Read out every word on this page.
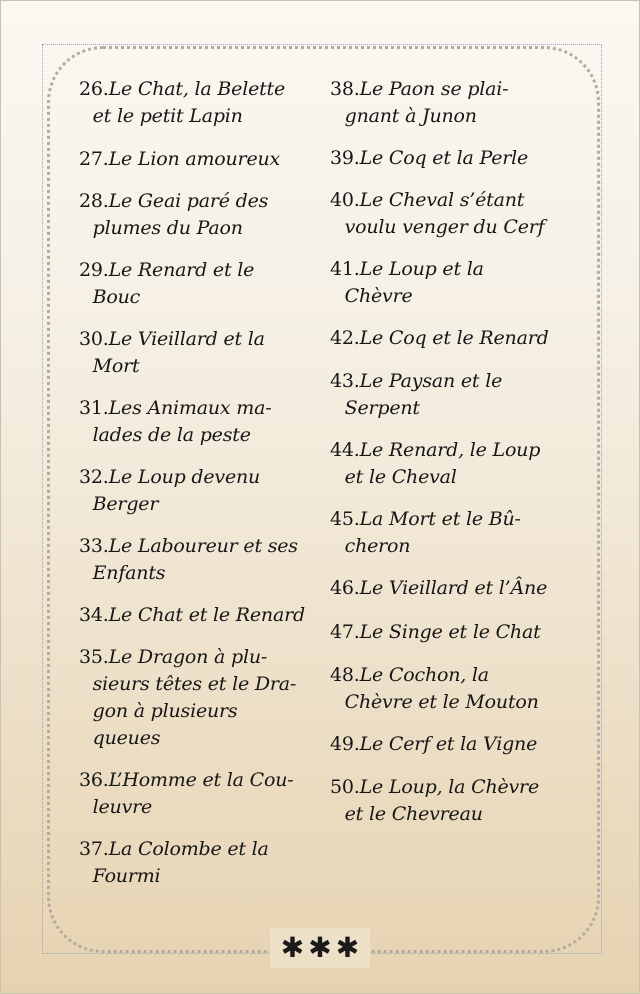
26. Le Chat, la Belette
et le petit Lapin
27. Le Lion amoureux
28. Le Geai paré des
plumes du Paon
29. Le Renard et le
Bouc
30. Le Vieillard et la
Mort
31. Les Animaux ma-
lades de la peste
32. Le Loup devenu
Berger
33. Le Laboureur et ses
Enfants
34. Le Chat et le Renard
35. Le Dragon à plu-
sieurs têtes et le Dra-
gon à plusieurs
queues
36. L’Homme et la Cou-
leuvre
37. La Colombe et la
Fourmi
38. Le Paon se plai-
gnant à Junon
39. Le Coq et la Perle
40. Le Cheval s’étant
voulu venger du Cerf
41. Le Loup et la
Chèvre
42. Le Coq et le Renard
43. Le Paysan et le
Serpent
44. Le Renard, le Loup
et le Cheval
45. La Mort et le Bû-
cheron
46. Le Vieillard et l’Âne
47. Le Singe et le Chat
48. Le Cochon, la
Chèvre et le Mouton
49. Le Cerf et la Vigne
50. Le Loup, la Chèvre
et le Chevreau
✱ ✱ ✱
